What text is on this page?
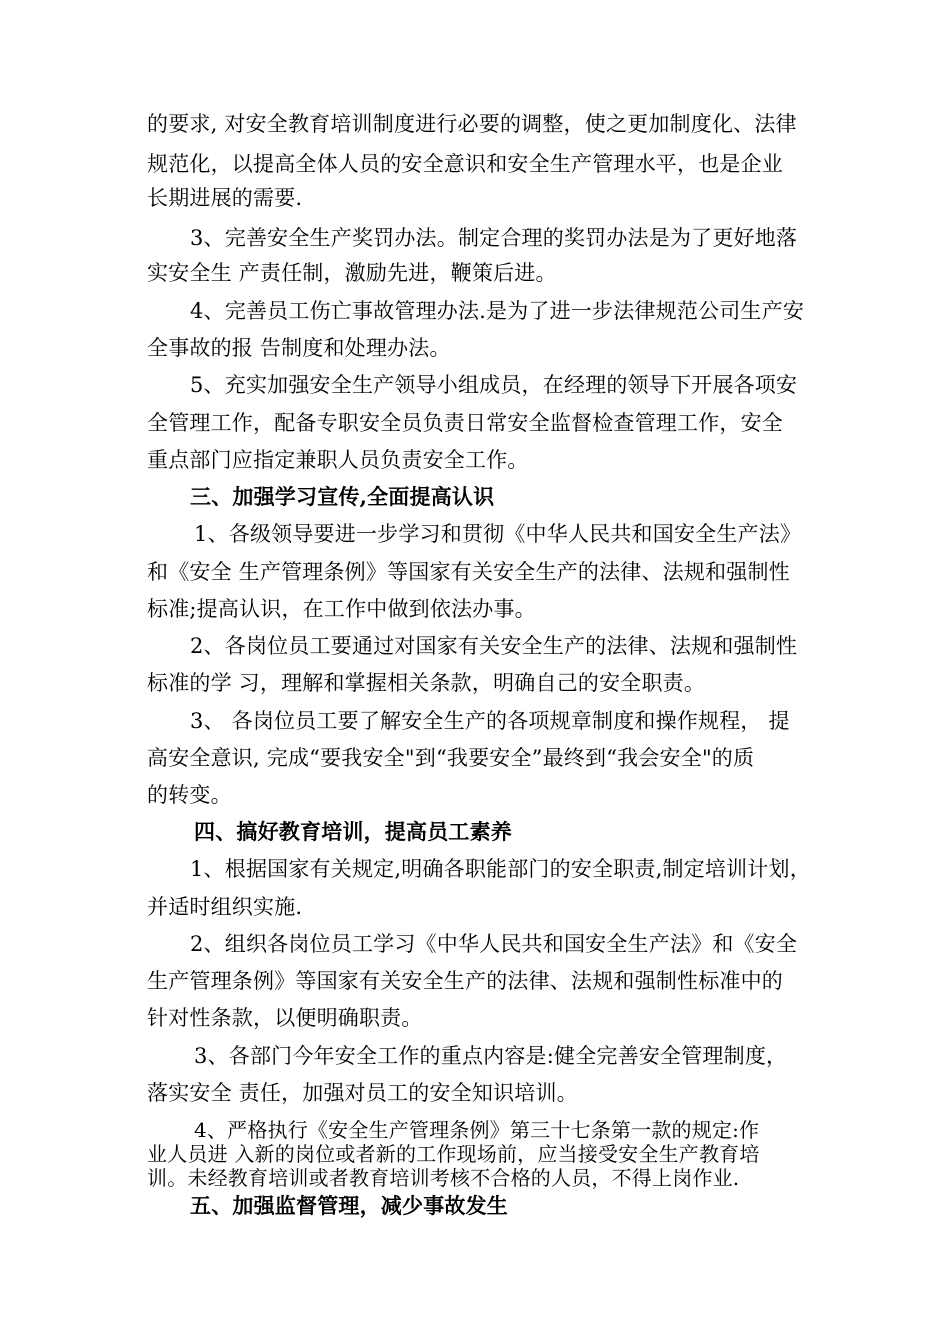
的要求, 对安全教育培训制度进行必要的调整，使之更加制度化、法律
规范化，以提高全体人员的安全意识和安全生产管理水平，也是企业
长期进展的需要.
3、完善安全生产奖罚办法。制定合理的奖罚办法是为了更好地落
实安全生 产责任制，激励先进，鞭策后进。
4、完善员工伤亡事故管理办法.是为了进一步法律规范公司生产安
全事故的报 告制度和处理办法。
5、充实加强安全生产领导小组成员，在经理的领导下开展各项安
全管理工作，配备专职安全员负责日常安全监督检查管理工作，安全
重点部门应指定兼职人员负责安全工作。
三、加强学习宣传,全面提高认识
1、各级领导要进一步学习和贯彻《中华人民共和国安全生产法》
和《安全 生产管理条例》等国家有关安全生产的法律、法规和强制性
标准;提高认识，在工作中做到依法办事。
2、各岗位员工要通过对国家有关安全生产的法律、法规和强制性
标准的学 习，理解和掌握相关条款，明确自己的安全职责。
3、 各岗位员工要了解安全生产的各项规章制度和操作规程， 提
高安全意识, 完成“要我安全"到“我要安全”最终到“我会安全"的质
的转变。
四、搞好教育培训，提高员工素养
1、根据国家有关规定,明确各职能部门的安全职责,制定培训计划，
并适时组织实施.
2、组织各岗位员工学习《中华人民共和国安全生产法》和《安全
生产管理条例》等国家有关安全生产的法律、法规和强制性标准中的
针对性条款，以便明确职责。
3、各部门今年安全工作的重点内容是:健全完善安全管理制度，
落实安全 责任，加强对员工的安全知识培训。
4、严格执行《安全生产管理条例》第三十七条第一款的规定:作
业人员进 入新的岗位或者新的工作现场前，应当接受安全生产教育培
训。未经教育培训或者教育培训考核不合格的人员，不得上岗作业.
五、加强监督管理，减少事故发生
